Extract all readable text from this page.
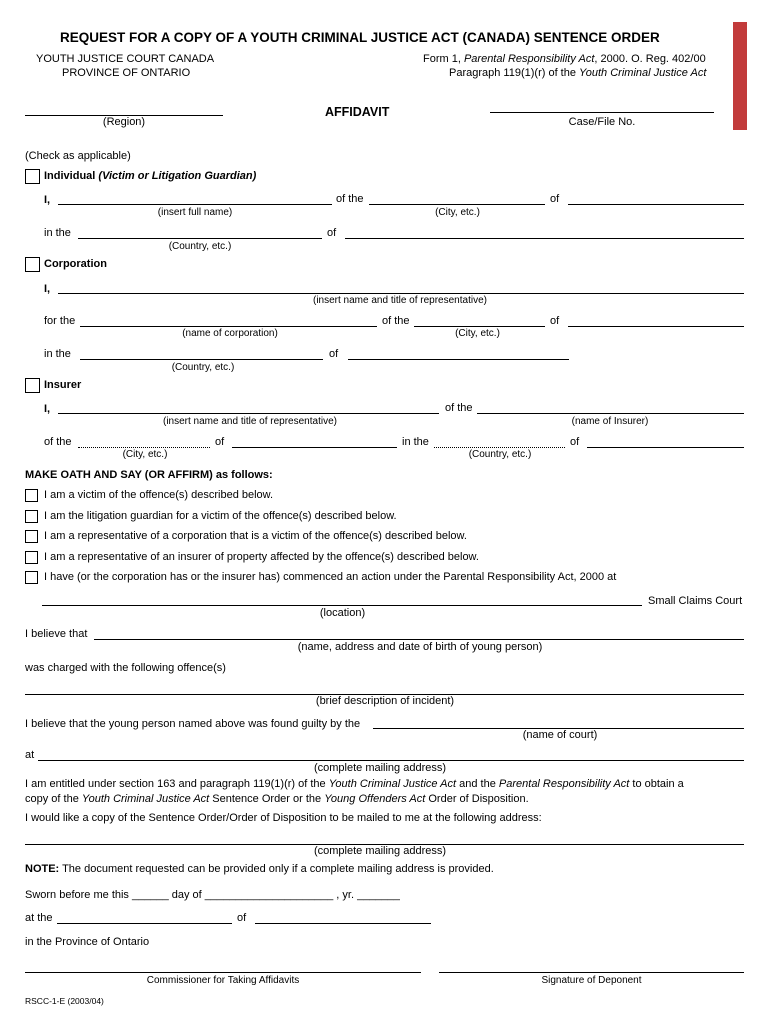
REQUEST FOR A COPY OF A YOUTH CRIMINAL JUSTICE ACT (CANADA) SENTENCE ORDER
YOUTH JUSTICE COURT CANADA
PROVINCE OF ONTARIO
Form 1, Parental Responsibility Act, 2000. O. Reg. 402/00
Paragraph 119(1)(r) of the Youth Criminal Justice Act
(Region)
AFFIDAVIT
Case/File No.
(Check as applicable)
Individual (Victim or Litigation Guardian)
I,	of the	of
(insert full name)	(City, etc.)
in the	of
(Country, etc.)
Corporation
I,
(insert name and title of representative)
for the	of the	of
(name of corporation)	(City, etc.)
in the	of
(Country, etc.)
Insurer
I,	of the
(insert name and title of representative)	(name of Insurer)
of the	of	in the	of
(City, etc.)	(Country, etc.)
MAKE OATH AND SAY (OR AFFIRM) as follows:
I am a victim of the offence(s) described below.
I am the litigation guardian for a victim of the offence(s) described below.
I am a representative of a corporation that is a victim of the offence(s) described below.
I am a representative of an insurer of property affected by the offence(s) described below.
I have (or the corporation has or the insurer has) commenced an action under the Parental Responsibility Act, 2000 at
Small Claims Court
(location)
I believe that
(name, address and date of birth of young person)
was charged with the following offence(s)
(brief description of incident)
I believe that the young person named above was found guilty by the
(name of court)
at
(complete mailing address)
I am entitled under section 163 and paragraph 119(1)(r) of the Youth Criminal Justice Act and the Parental Responsibility Act to obtain a
copy of the Youth Criminal Justice Act Sentence Order or the Young Offenders Act Order of Disposition.
I would like a copy of the Sentence Order/Order of Disposition to be mailed to me at the following address:
(complete mailing address)
NOTE: The document requested can be provided only if a complete mailing address is provided.
Sworn before me this ______ day of _____________________ , yr. _______
at the	of
in the Province of Ontario
Commissioner for Taking Affidavits	Signature of Deponent
RSCC-1-E (2003/04)
